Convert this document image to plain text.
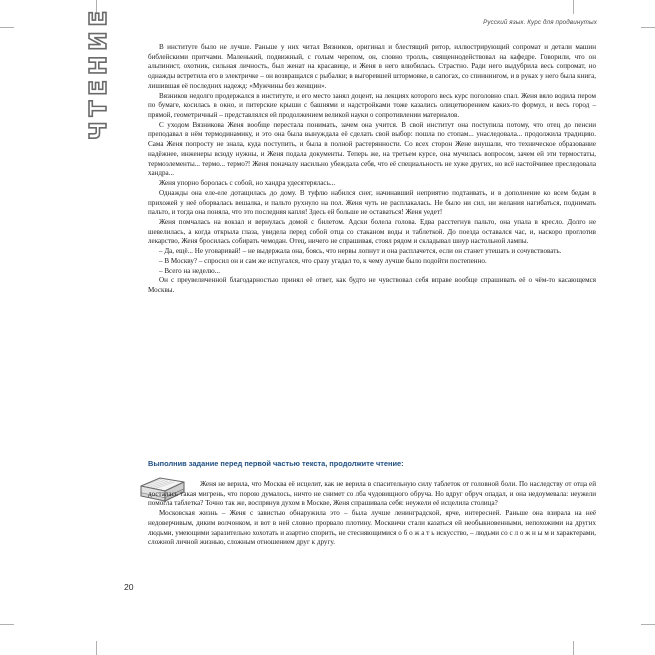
Русский язык. Курс для продвинутых
ЧТЕНИЕ	В институте было не лучше. Раньше у них читал Вязников, оригинал и блестящий ритор, иллюстрирующий сопромат и детали машин библейскими притчами. Маленький, подвижный, с голым черепом, он, словно тролль, священнодействовал на кафедре. Говорили, что он альпинист, охотник, сильная личность, был женат на красавице, и Женя в него влюбилась. Страстно. Ради него выдубрила весь сопромат, но однажды встретила его в электричке – он возвращался с рыбалки; в выгоревшей штормовке, в сапогах, со спиннингом, и в руках у него была книга, лишившая её последних надежд: «Мужчины без женщин».

Вязников недолго продержался в институте, и его место занял доцент, на лекциях которого весь курс поголовно спал. Женя вяло водила пером по бумаге, косилась в окно, и питерские крыши с башнями и надстройками тоже казались олицетворением каких-то формул, и весь город – прямой, геометричный – представлялся ей продолжением великой науки о сопротивлении материалов.

С уходом Вязникова Женя вообще перестала понимать, зачем она учится. В свой институт она поступила потому, что отец до пенсии преподавал в нём термодинамику, и это она была вынуждала её сделать свой выбор: пошла по стопам... унаследовала... продолжила традицию. Сама Женя попросту не знала, куда поступить, и была в полной растерянности. Со всех сторон Жене внушали, что техническое образование надёжнее, инженеры всюду нужны, и Женя подала документы. Теперь же, на третьем курсе, она мучилась вопросом, зачем ей эти термостаты, термоэлементы... термо... термо?! Женя поначалу насильно убеждала себя, что её специальность не хуже других, но всё настойчивее преследовала хандра...

Женя упорно боролась с собой, но хандра удесятерялась...

Однажды она еле-еле дотащилась до дому. В туфлю набился снег, начинавший неприятно подтаивать, и в дополнение ко всем бедам в прихожей у неё оборвалась вешалка, и пальто рухнуло на пол. Женя чуть не расплакалась. Не было ни сил, ни желания нагибаться, поднимать пальто, и тогда она поняла, что это последняя капля! Здесь ей больше не оставаться! Женя уедет!

Женя помчалась на вокзал и вернулась домой с билетом. Адски болела голова. Едва расстегнув пальто, она упала в кресло. Долго не шевелилась, а когда открыла глаза, увидела перед собой отца со стаканом воды и таблеткой. До поезда оставался час, и, наскоро проглотив лекарство, Женя бросилась собирать чемодан. Отец, ничего не спрашивая, стоял рядом и складывал шнур настольной лампы.

– Да, ещё... Не уговаривай! – не выдержала она, боясь, что нервы лопнут и она расплачется, если он станет утешать и сочувствовать.

– В Москву? – спросил он и сам же испугался, что сразу угадал то, к чему лучше было подойти постепенно.

– Всего на неделю...

Он с преувеличенной благодарностью принял её ответ, как будто не чувствовал себя вправе вообще спрашивать её о чём-то касающемся Москвы.

Выполнив задание перед первой частью текста, продолжите чтение:

Женя не верила, что Москва её исцелит, как не верила в спасительную силу таблеток от головной боли. По наследству от отца ей досталась такая мигрень, что порою думалось, ничто не снимет со лба чудовищного обруча. Но вдруг обруч опадал, и она недоумевала: неужели помогла таблетка? Точно так же, воспрянув духом в Москве, Женя спрашивала себя: неужели её исцелила столица?

Московская жизнь – Женя с завистью обнаружила это – была лучше ленинградской, ярче, интересней. Раньше она взирала на неё недоверчивым, диким волчонком, и вот в ней словно прорвало плотину. Москвичи стали казаться ей необыкновенными, непохожими на других людьми, умеющими заразительно хохотать и азартно спорить, не стесняющимися о б о ж а т ь искусство, – людьми со с л о ж н ы м и характерами, сложной личной жизнью, сложным отношением друг к другу.

20
